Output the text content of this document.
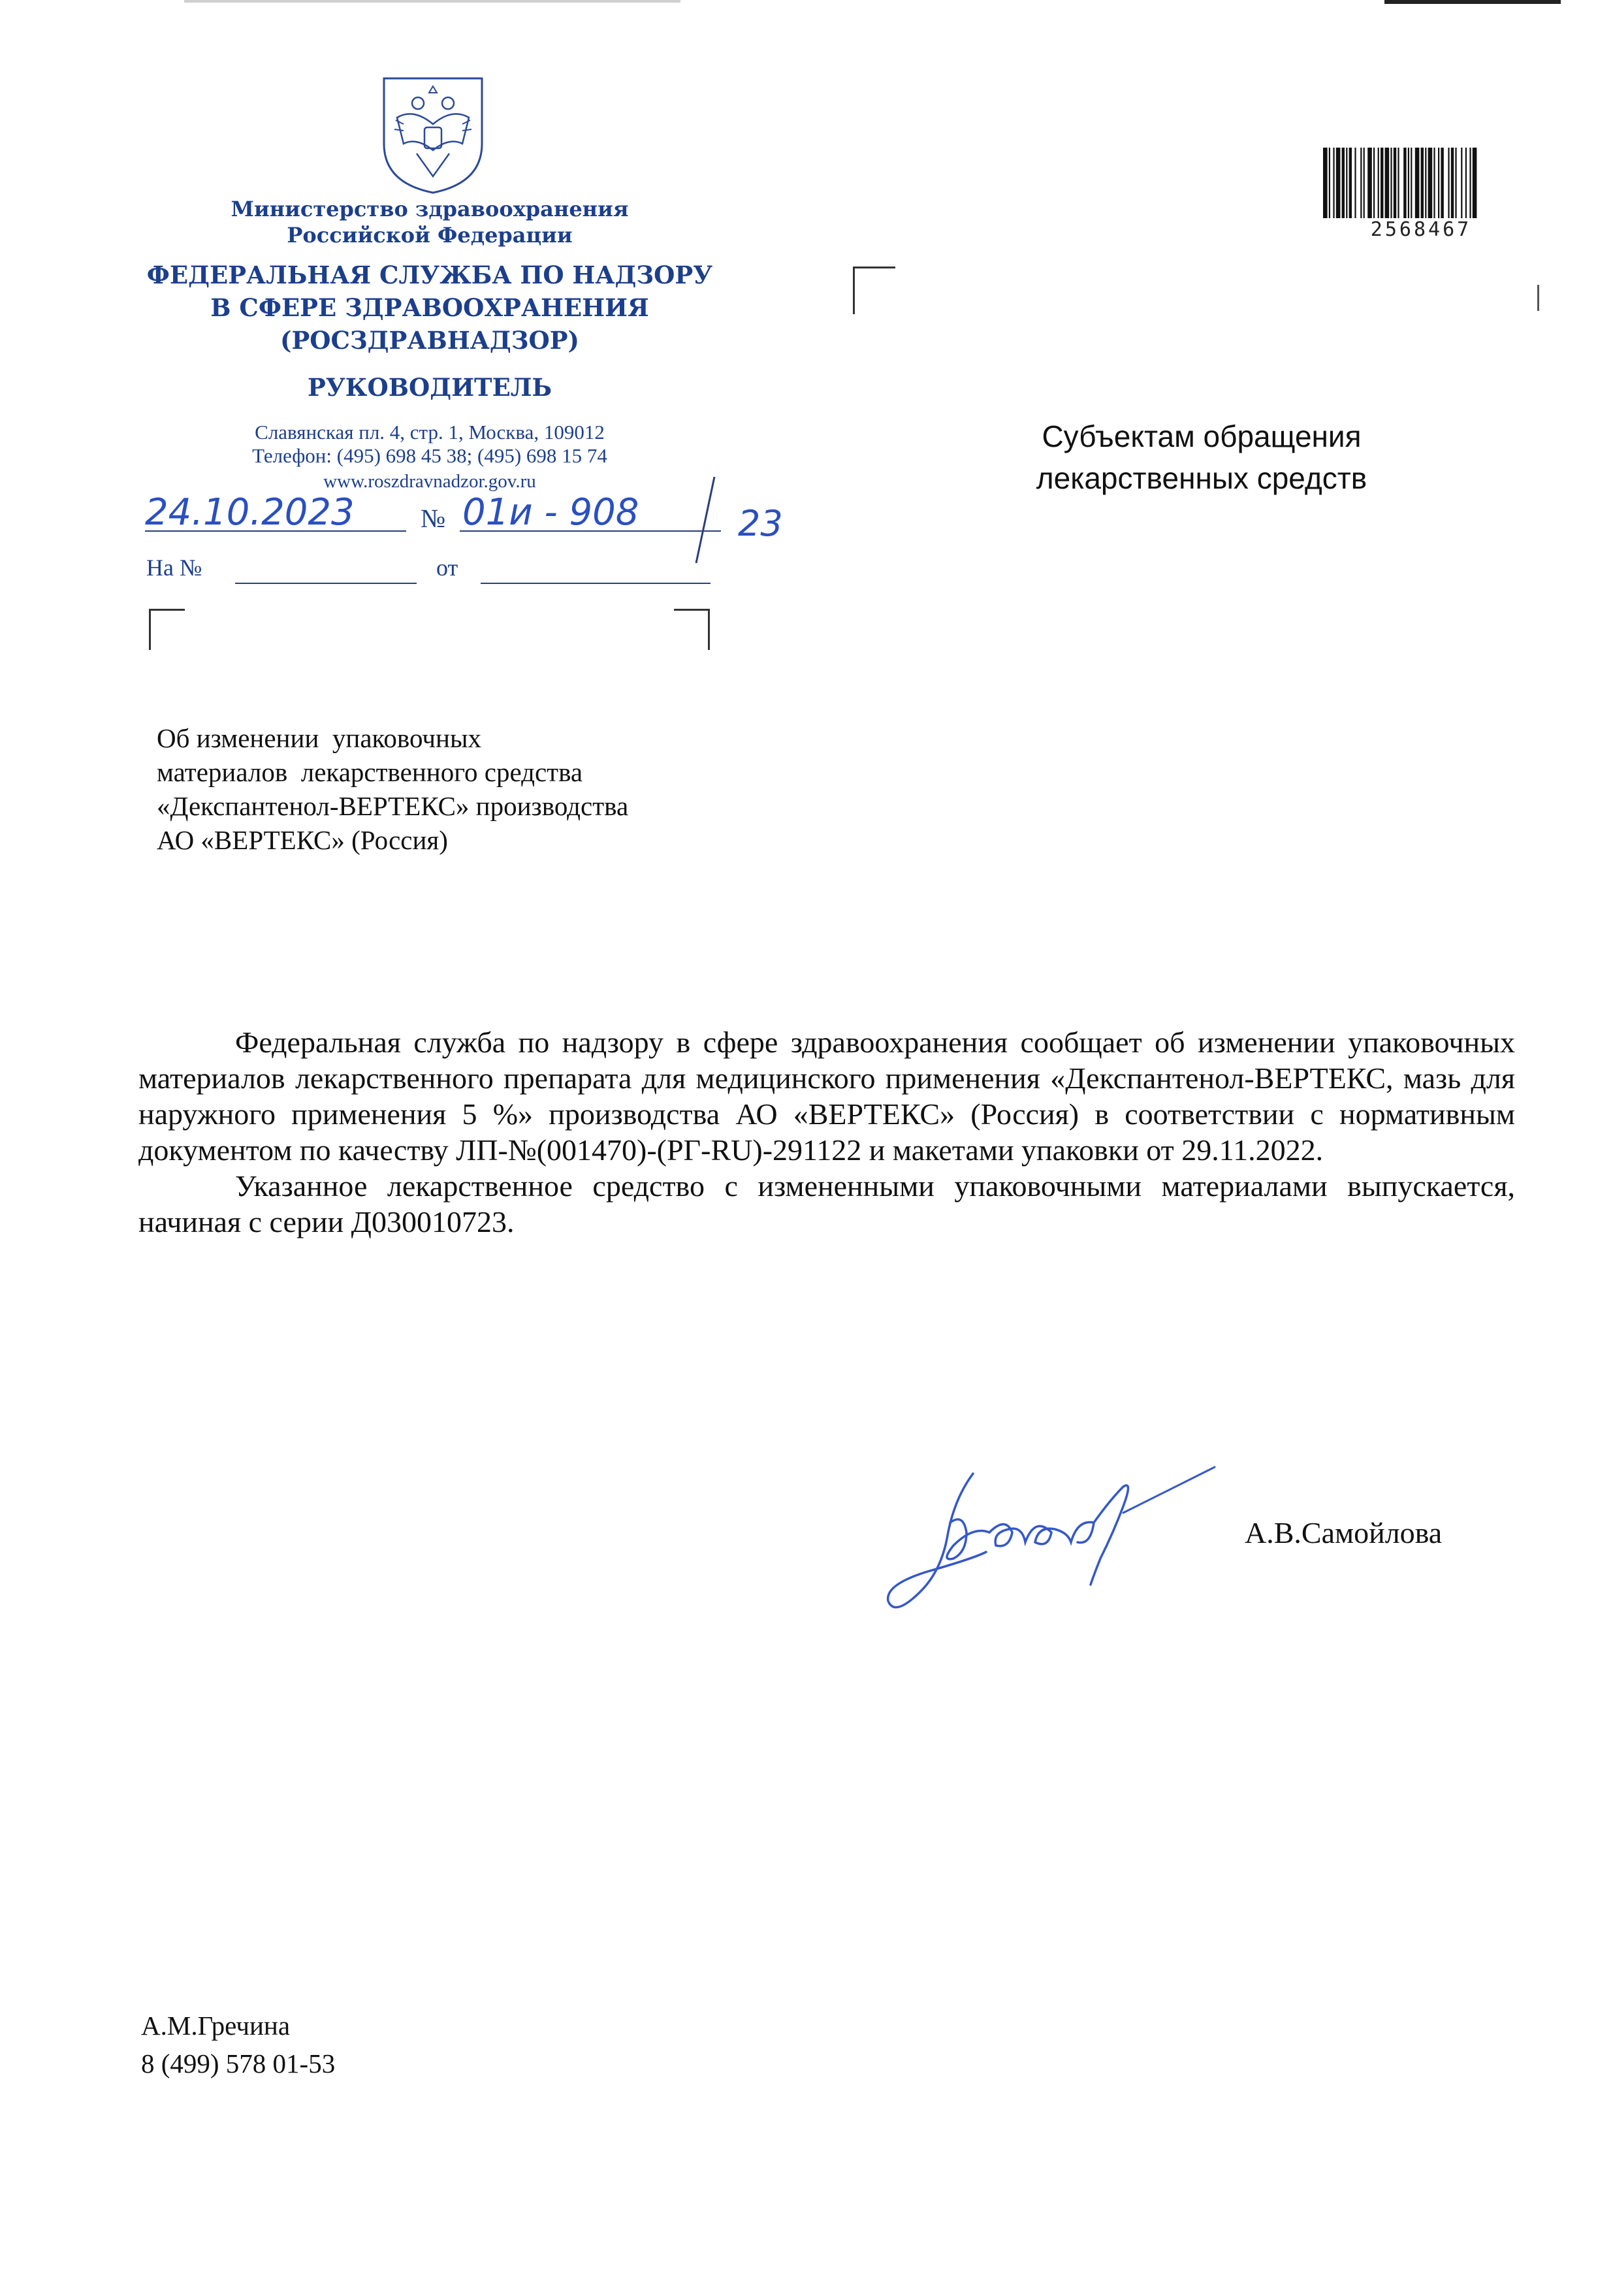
Министерство здравоохранения
Российской Федерации
ФЕДЕРАЛЬНАЯ СЛУЖБА ПО НАДЗОРУ
В СФЕРЕ ЗДРАВООХРАНЕНИЯ
(РОСЗДРАВНАДЗОР)
РУКОВОДИТЕЛЬ
Славянская пл. 4, стр. 1, Москва, 109012
Телефон: (495) 698 45 38; (495) 698 15 74
www.roszdravnadzor.gov.ru
24.10.2023	№ 01и - 908	23
На №	от
2568467
Субъектам обращения
лекарственных средств
Об изменении  упаковочных
материалов  лекарственного средства
«Декспантенол-ВЕРТЕКС» производства
АО «ВЕРТЕКС» (Россия)

Федеральная служба по надзору в сфере здравоохранения сообщает об изменении упаковочных материалов лекарственного препарата для медицинского применения «Декспантенол-ВЕРТЕКС, мазь для наружного применения 5 %» производства АО «ВЕРТЕКС» (Россия) в соответствии с нормативным документом по качеству ЛП-№(001470)-(РГ-RU)-291122 и макетами упаковки от 29.11.2022.

Указанное лекарственное средство с измененными упаковочными материалами выпускается, начиная с серии Д030010723.

А.В.Самойлова
А.М.Гречина
8 (499) 578 01-53
